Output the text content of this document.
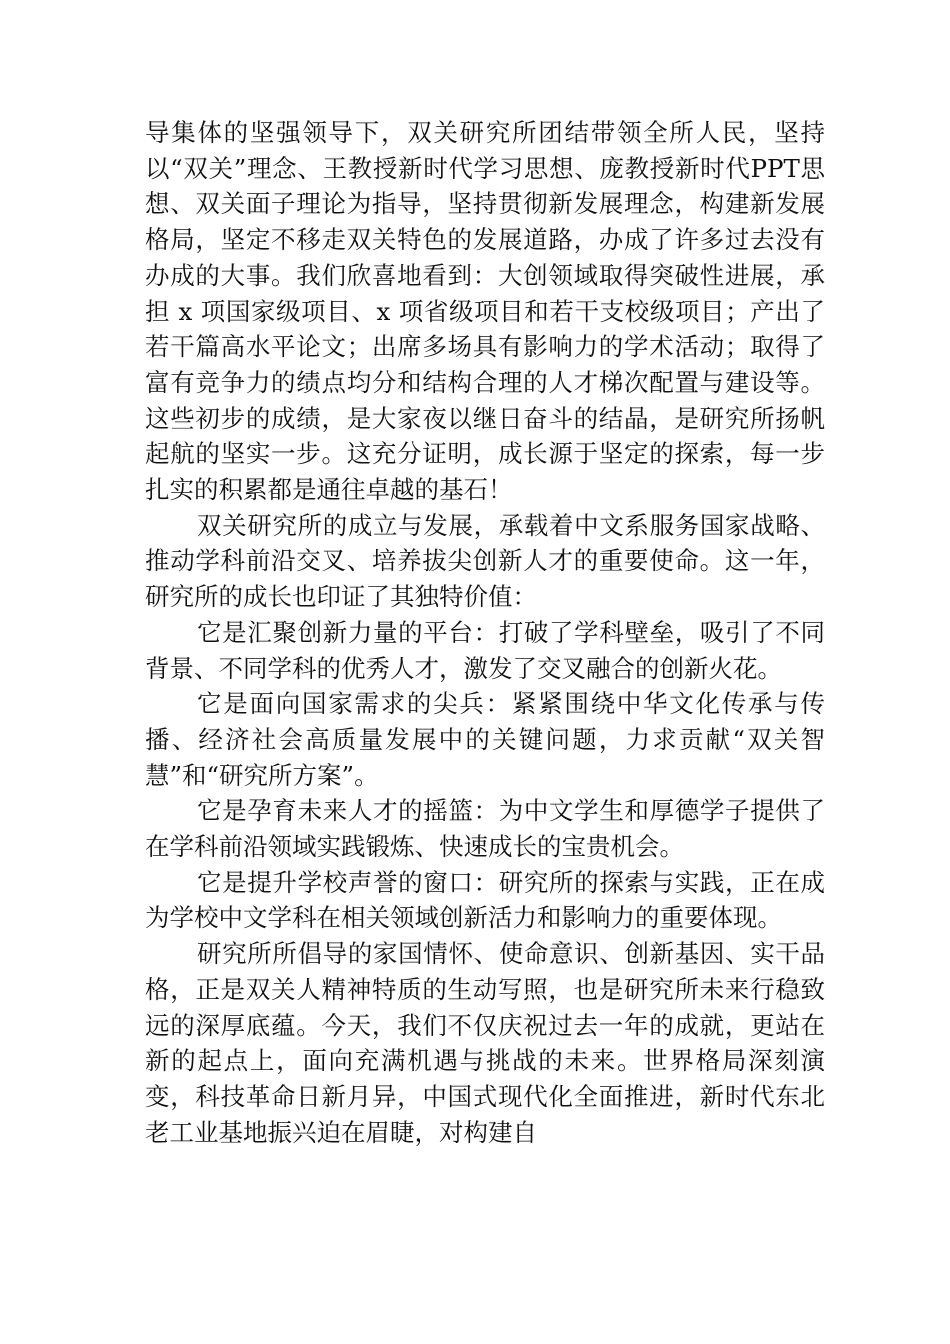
导集体的坚强领导下，双关研究所团结带领全所人民，坚持以“双关”理念、王教授新时代学习思想、庞教授新时代PPT思想、双关面子理论为指导，坚持贯彻新发展理念，构建新发展格局，坚定不移走双关特色的发展道路，办成了许多过去没有办成的大事。我们欣喜地看到：大创领域取得突破性进展，承担 x 项国家级项目、x 项省级项目和若干支校级项目；产出了若干篇高水平论文；出席多场具有影响力的学术活动；取得了富有竞争力的绩点均分和结构合理的人才梯次配置与建设等。这些初步的成绩，是大家夜以继日奋斗的结晶，是研究所扬帆起航的坚实一步。这充分证明，成长源于坚定的探索，每一步扎实的积累都是通往卓越的基石！

双关研究所的成立与发展，承载着中文系服务国家战略、推动学科前沿交叉、培养拔尖创新人才的重要使命。这一年，研究所的成长也印证了其独特价值：

它是汇聚创新力量的平台：打破了学科壁垒，吸引了不同背景、不同学科的优秀人才，激发了交叉融合的创新火花。

它是面向国家需求的尖兵：紧紧围绕中华文化传承与传播、经济社会高质量发展中的关键问题，力求贡献“双关智慧”和“研究所方案”。

它是孕育未来人才的摇篮：为中文学生和厚德学子提供了在学科前沿领域实践锻炼、快速成长的宝贵机会。

它是提升学校声誉的窗口：研究所的探索与实践，正在成为学校中文学科在相关领域创新活力和影响力的重要体现。

研究所所倡导的家国情怀、使命意识、创新基因、实干品格，正是双关人精神特质的生动写照，也是研究所未来行稳致远的深厚底蕴。今天，我们不仅庆祝过去一年的成就，更站在新的起点上，面向充满机遇与挑战的未来。世界格局深刻演变，科技革命日新月异，中国式现代化全面推进，新时代东北老工业基地振兴迫在眉睫，对构建自
